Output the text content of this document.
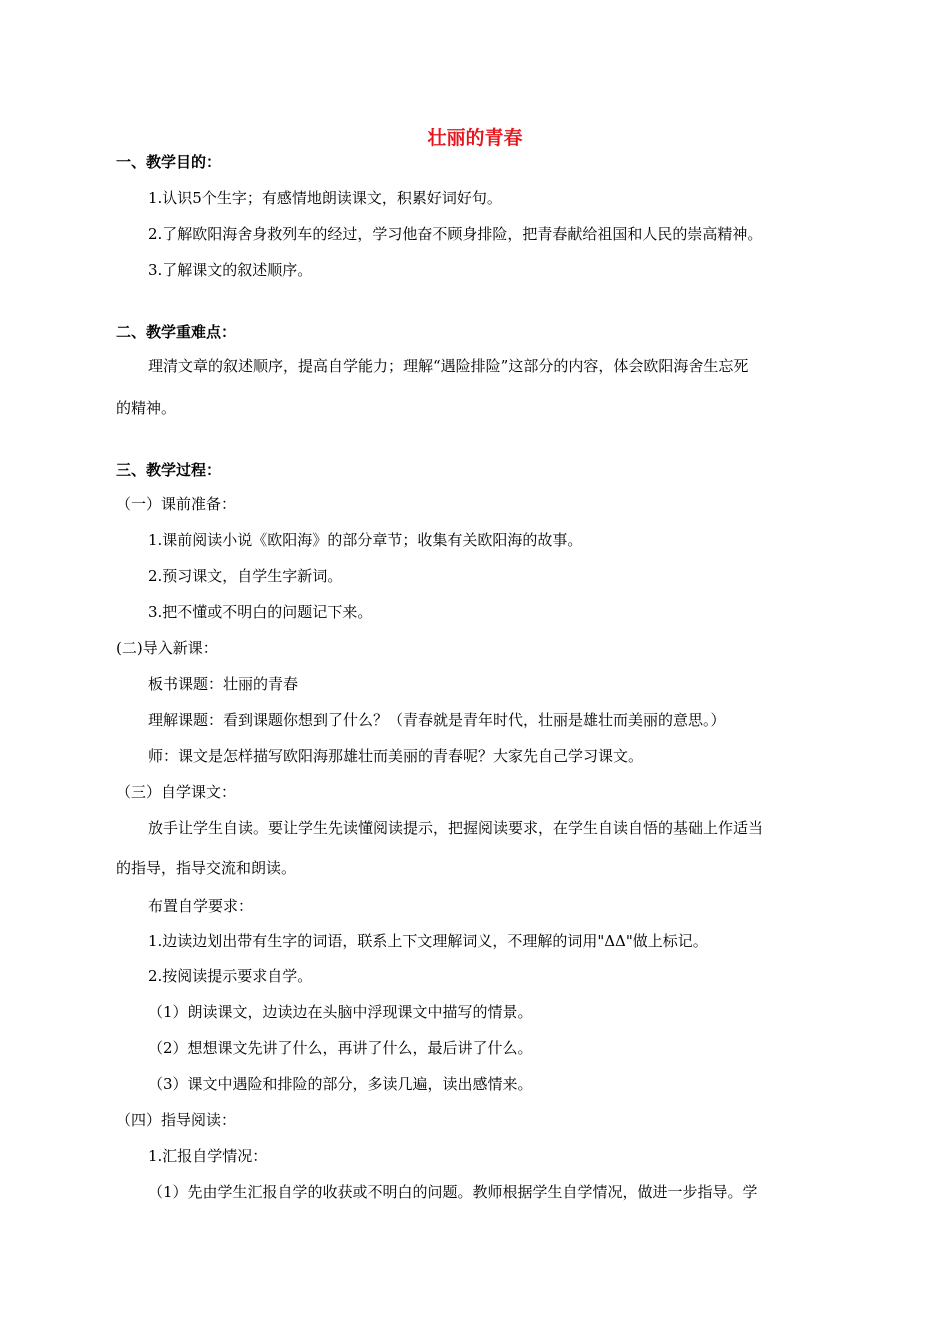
壮丽的青春
一、教学目的：
1.认识5个生字；有感情地朗读课文，积累好词好句。
2.了解欧阳海舍身救列车的经过，学习他奋不顾身排险，把青春献给祖国和人民的崇高精神。
3.了解课文的叙述顺序。
二、教学重难点：
理清文章的叙述顺序，提高自学能力；理解“遇险排险”这部分的内容，体会欧阳海舍生忘死
的精神。
三、教学过程：
（一）课前准备：
1.课前阅读小说《欧阳海》的部分章节；收集有关欧阳海的故事。
2.预习课文，自学生字新词。
3.把不懂或不明白的问题记下来。
(二)导入新课：
板书课题：壮丽的青春
理解课题：看到课题你想到了什么？（青春就是青年时代，壮丽是雄壮而美丽的意思。）
师：课文是怎样描写欧阳海那雄壮而美丽的青春呢？大家先自己学习课文。
（三）自学课文：
放手让学生自读。要让学生先读懂阅读提示，把握阅读要求，在学生自读自悟的基础上作适当
的指导，指导交流和朗读。
布置自学要求：
1.边读边划出带有生字的词语，联系上下文理解词义，不理解的词用"ΔΔ"做上标记。
2.按阅读提示要求自学。
（1）朗读课文，边读边在头脑中浮现课文中描写的情景。
（2）想想课文先讲了什么，再讲了什么，最后讲了什么。
（3）课文中遇险和排险的部分，多读几遍，读出感情来。
（四）指导阅读：
1.汇报自学情况：
（1）先由学生汇报自学的收获或不明白的问题。教师根据学生自学情况，做进一步指导。学
